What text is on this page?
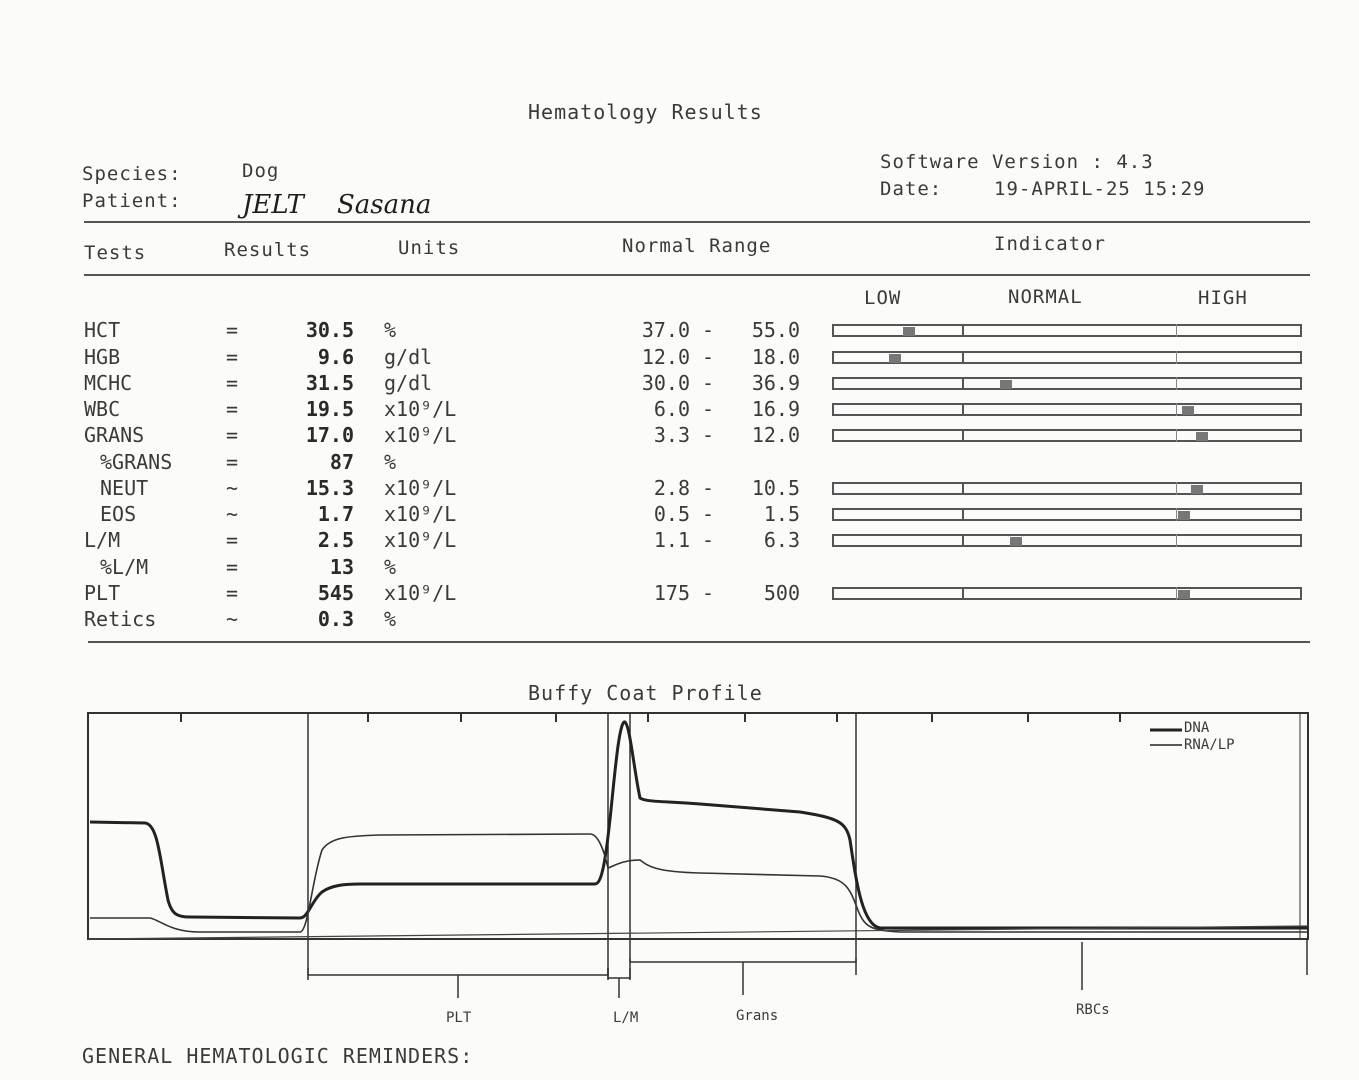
Hematology Results
Species:	Dog
Patient: JELT    Sasana
Software Version : 4.3
Date:	19-APRIL-25 15:29
Tests	Results	Units	Normal Range	Indicator
LOW	NORMAL	HIGH
HCT	=	30.5 %	37.0 -	55.0
HGB	=	9.6 g/dl	12.0 -	18.0
MCHC	=	31.5 g/dl	30.0 -	36.9
WBC	=	19.5 x10⁹/L	6.0 -	16.9
GRANS	=	17.0 x10⁹/L	3.3 -	12.0
%GRANS	=	87 %
NEUT	~	15.3 x10⁹/L	2.8 -	10.5
EOS	~	1.7 x10⁹/L	0.5 -	1.5
L/M	=	2.5 x10⁹/L	1.1 -	6.3
%L/M	=	13 %
PLT	=	545 x10⁹/L	175 -	500
Retics	~	0.3 %
Buffy Coat Profile
DNA
RNA/LP
PLT	L/M	Grans	RBCs
GENERAL HEMATOLOGIC REMINDERS:
